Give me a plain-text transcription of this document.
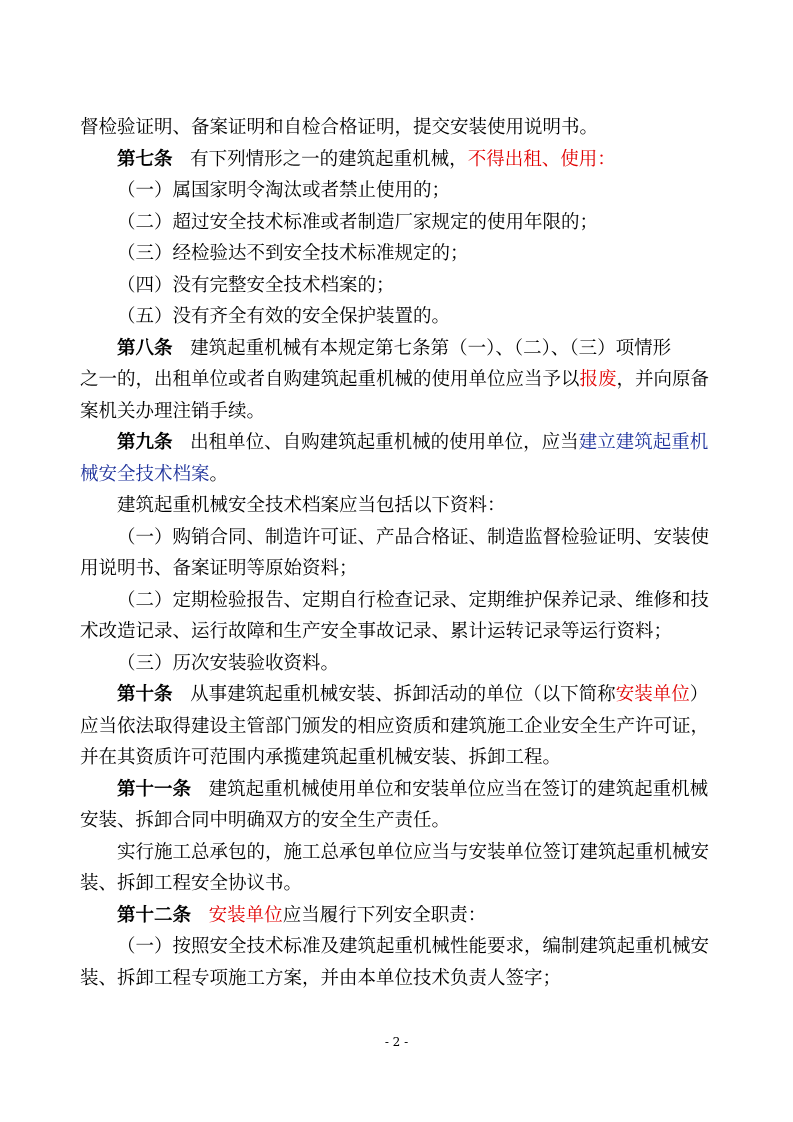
督检验证明、备案证明和自检合格证明，提交安装使用说明书。

第七条 有下列情形之一的建筑起重机械，不得出租、使用：

（一）属国家明令淘汰或者禁止使用的；

（二）超过安全技术标准或者制造厂家规定的使用年限的；

（三）经检验达不到安全技术标准规定的；

（四）没有完整安全技术档案的；

（五）没有齐全有效的安全保护装置的。

第八条 建筑起重机械有本规定第七条第（一）、（二）、（三）项情形

之一的，出租单位或者自购建筑起重机械的使用单位应当予以报废，并向原备

案机关办理注销手续。

第九条 出租单位、自购建筑起重机械的使用单位，应当建立建筑起重机

械安全技术档案。

建筑起重机械安全技术档案应当包括以下资料：

（一）购销合同、制造许可证、产品合格证、制造监督检验证明、安装使

用说明书、备案证明等原始资料；

（二）定期检验报告、定期自行检查记录、定期维护保养记录、维修和技

术改造记录、运行故障和生产安全事故记录、累计运转记录等运行资料；

（三）历次安装验收资料。

第十条 从事建筑起重机械安装、拆卸活动的单位（以下简称安装单位）

应当依法取得建设主管部门颁发的相应资质和建筑施工企业安全生产许可证，

并在其资质许可范围内承揽建筑起重机械安装、拆卸工程。

第十一条 建筑起重机械使用单位和安装单位应当在签订的建筑起重机械

安装、拆卸合同中明确双方的安全生产责任。

实行施工总承包的，施工总承包单位应当与安装单位签订建筑起重机械安

装、拆卸工程安全协议书。

第十二条 安装单位应当履行下列安全职责：

（一）按照安全技术标准及建筑起重机械性能要求，编制建筑起重机械安

装、拆卸工程专项施工方案，并由本单位技术负责人签字；

- 2 -
